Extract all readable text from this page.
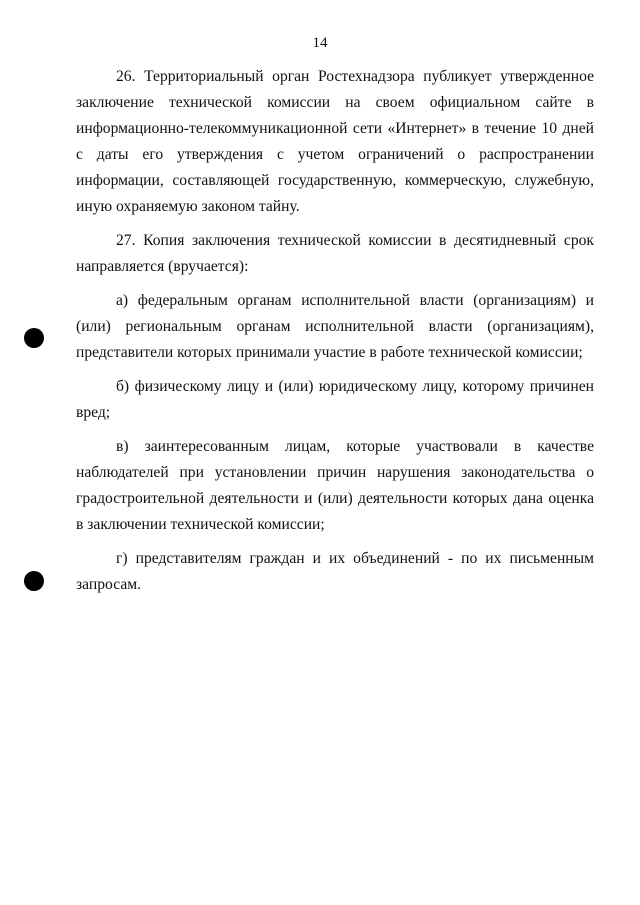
14

26. Территориальный орган Ростехнадзора публикует утвержденное заключение технической комиссии на своем официальном сайте в информационно-телекоммуникационной сети «Интернет» в течение 10 дней с даты его утверждения с учетом ограничений о распространении информации, составляющей государственную, коммерческую, служебную, иную охраняемую законом тайну.

27. Копия заключения технической комиссии в десятидневный срок направляется (вручается):

а) федеральным органам исполнительной власти (организациям) и (или) региональным органам исполнительной власти (организациям), представители которых принимали участие в работе технической комиссии;

б) физическому лицу и (или) юридическому лицу, которому причинен вред;

в) заинтересованным лицам, которые участвовали в качестве наблюдателей при установлении причин нарушения законодательства о градостроительной деятельности и (или) деятельности которых дана оценка в заключении технической комиссии;

г) представителям граждан и их объединений - по их письменным запросам.
